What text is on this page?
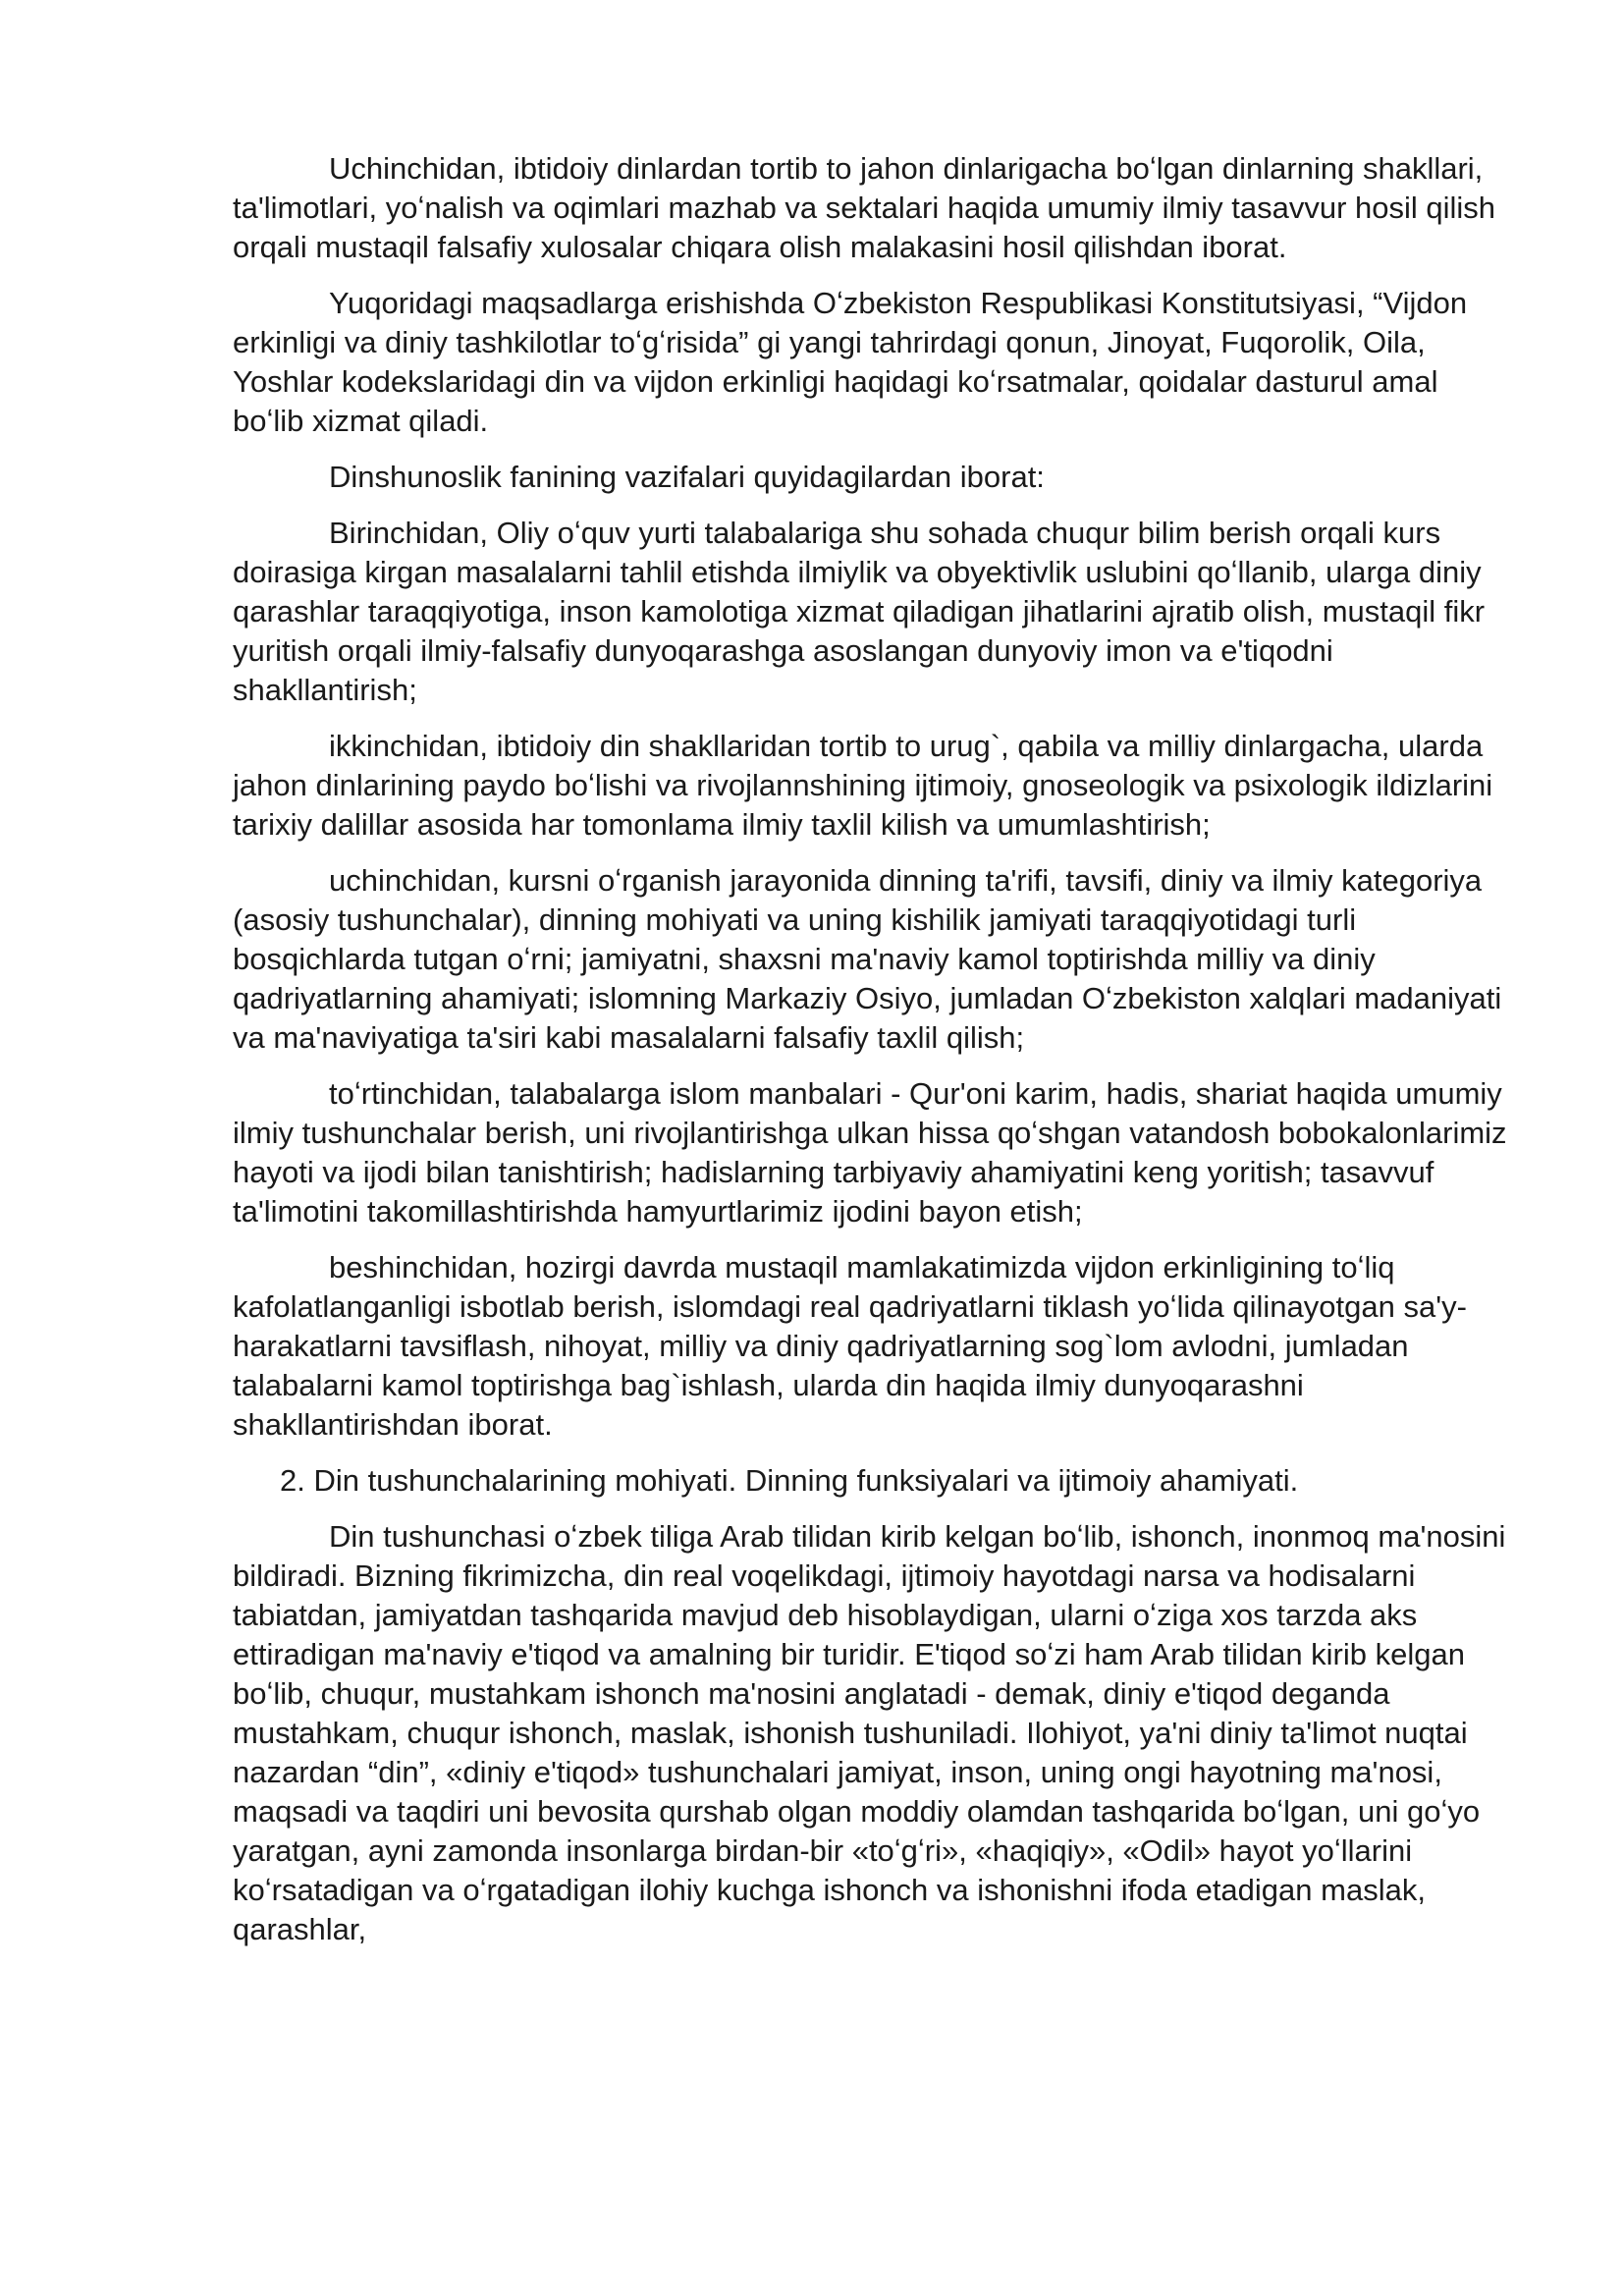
Uchinchidan, ibtidoiy dinlardan tortib to jahon dinlarigacha boʻlgan dinlarning shakllari, ta'limotlari, yoʻnalish va oqimlari mazhab va sektalari haqida umumiy ilmiy tasavvur hosil qilish orqali mustaqil falsafiy xulosalar chiqara olish malakasini hosil qilishdan iborat.

Yuqoridagi maqsadlarga erishishda Oʻzbekiston Respublikasi Konstitutsiyasi, “Vijdon erkinligi va diniy tashkilotlar toʻgʻrisida” gi yangi tahrirdagi qonun, Jinoyat, Fuqorolik, Oila, Yoshlar kodekslaridagi din va vijdon erkinligi haqidagi koʻrsatmalar, qoidalar dasturul amal boʻlib xizmat qiladi.

Dinshunoslik fanining vazifalari quyidagilardan iborat:

Birinchidan, Oliy oʻquv yurti talabalariga shu sohada chuqur bilim berish orqali kurs doirasiga kirgan masalalarni tahlil etishda ilmiylik va obyektivlik uslubini qoʻllanib, ularga diniy qarashlar taraqqiyotiga, inson kamolotiga xizmat qiladigan jihatlarini ajratib olish, mustaqil fikr yuritish orqali ilmiy-falsafiy dunyoqarashga asoslangan dunyoviy imon va e'tiqodni shakllantirish;

ikkinchidan, ibtidoiy din shakllaridan tortib to urug`, qabila va milliy dinlargacha, ularda jahon dinlarining paydo boʻlishi va rivojlannshining ijtimoiy, gnoseologik va psixologik ildizlarini tarixiy dalillar asosida har tomonlama ilmiy taxlil kilish va umumlashtirish;

uchinchidan, kursni oʻrganish jarayonida dinning ta'rifi, tavsifi, diniy va ilmiy kategoriya (asosiy tushunchalar), dinning mohiyati va uning kishilik jamiyati taraqqiyotidagi turli bosqichlarda tutgan oʻrni; jamiyatni, shaxsni ma'naviy kamol toptirishda milliy va diniy qadriyatlarning ahamiyati; islomning Markaziy Osiyo, jumladan Oʻzbekiston xalqlari madaniyati va ma'naviyatiga ta'siri kabi masalalarni falsafiy taxlil qilish;

toʻrtinchidan, talabalarga islom manbalari - Qur'oni karim, hadis, shariat haqida umumiy ilmiy tushunchalar berish, uni rivojlantirishga ulkan hissa qoʻshgan vatandosh bobokalonlarimiz hayoti va ijodi bilan tanishtirish; hadislarning tarbiyaviy ahamiyatini keng yoritish; tasavvuf ta'limotini takomillashtirishda hamyurtlarimiz ijodini bayon etish;

beshinchidan, hozirgi davrda mustaqil mamlakatimizda vijdon erkinligining toʻliq kafolatlanganligi isbotlab berish, islomdagi real qadriyatlarni tiklash yoʻlida qilinayotgan sa'y-harakatlarni tavsiflash, nihoyat, milliy va diniy qadriyatlarning sog`lom avlodni, jumladan talabalarni kamol toptirishga bag`ishlash, ularda din haqida ilmiy dunyoqarashni shakllantirishdan iborat.

2. Din tushunchalarining mohiyati. Dinning funksiyalari va ijtimoiy ahamiyati.

Din tushunchasi oʻzbek tiliga Arab tilidan kirib kelgan boʻlib, ishonch, inonmoq ma'nosini bildiradi. Bizning fikrimizcha, din real voqelikdagi, ijtimoiy hayotdagi narsa va hodisalarni tabiatdan, jamiyatdan tashqarida mavjud deb hisoblaydigan, ularni oʻziga xos tarzda aks ettiradigan ma'naviy e'tiqod va amalning bir turidir. E'tiqod soʻzi ham Arab tilidan kirib kelgan boʻlib, chuqur, mustahkam ishonch ma'nosini anglatadi - demak, diniy e'tiqod deganda mustahkam, chuqur ishonch, maslak, ishonish tushuniladi. Ilohiyot, ya'ni diniy ta'limot nuqtai nazardan “din”, «diniy e'tiqod» tushunchalari jamiyat, inson, uning ongi hayotning ma'nosi, maqsadi va taqdiri uni bevosita qurshab olgan moddiy olamdan tashqarida boʻlgan, uni goʻyo yaratgan, ayni zamonda insonlarga birdan-bir «toʻgʻri», «haqiqiy», «Odil» hayot yoʻllarini koʻrsatadigan va oʻrgatadigan ilohiy kuchga ishonch va ishonishni ifoda etadigan maslak, qarashlar,
